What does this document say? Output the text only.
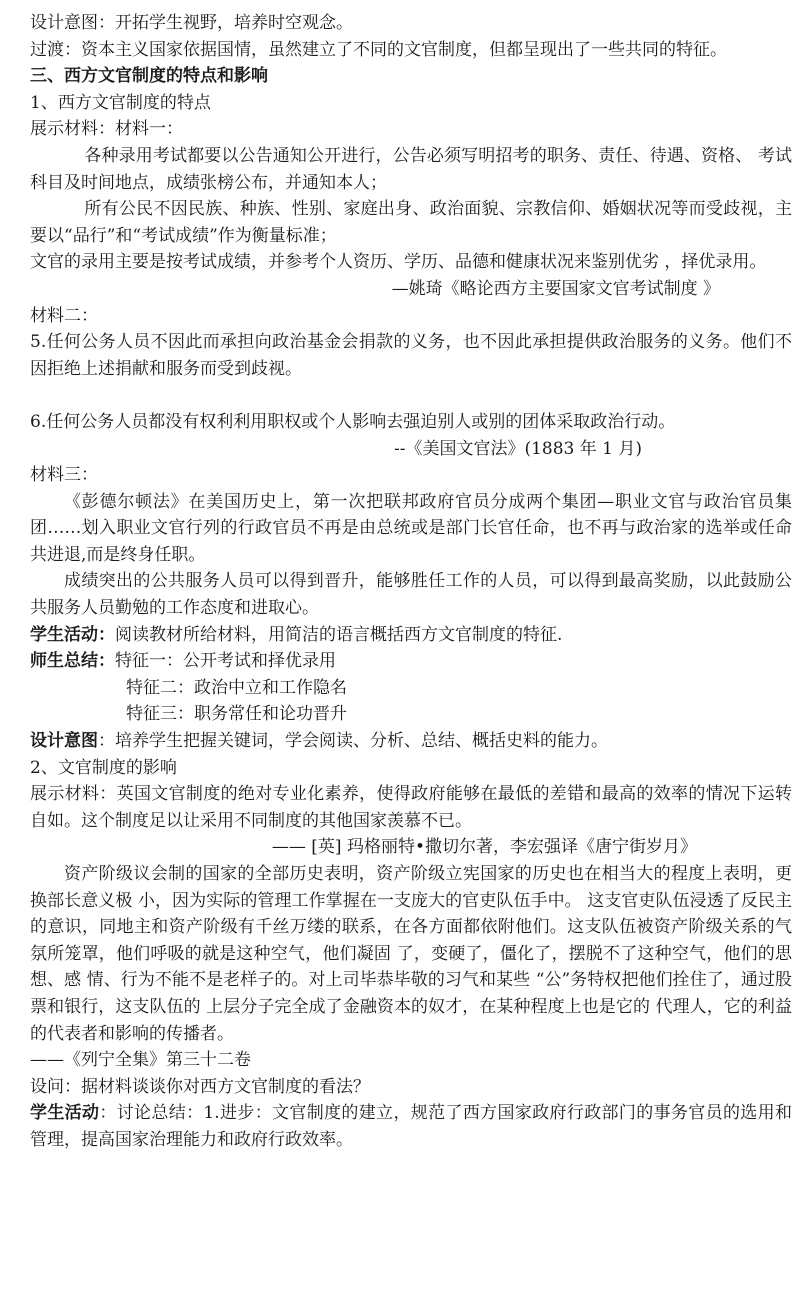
设计意图：开拓学生视野，培养时空观念。

过渡：资本主义国家依据国情，虽然建立了不同的文官制度，但都呈现出了一些共同的特征。

三、西方文官制度的特点和影响

1、西方文官制度的特点

展示材料：材料一：

各种录用考试都要以公告通知公开进行，公告必须写明招考的职务、责任、待遇、资格、 考试科目及时间地点，成绩张榜公布，并通知本人；

所有公民不因民族、种族、性别、家庭出身、政治面貌、宗教信仰、婚姻状况等而受歧视，主要以“品行”和“考试成绩”作为衡量标准；

文官的录用主要是按考试成绩，并参考个人资历、学历、品德和健康状况来鉴别优劣 ，择优录用。

—姚琦《略论西方主要国家文官考试制度 》

材料二：

5.任何公务人员不因此而承担向政治基金会捐款的义务，也不因此承担提供政治服务的义务。他们不因拒绝上述捐献和服务而受到歧视。

6.任何公务人员都没有权利利用职权或个人影响去强迫别人或别的团体采取政治行动。

--《美国文官法》(1883 年 1 月)

材料三：

《彭德尔顿法》在美国历史上，第一次把联邦政府官员分成两个集团—职业文官与政治官员集团……划入职业文官行列的行政官员不再是由总统或是部门长官任命，也不再与政治家的选举或任命共进退,而是终身任职。

成绩突出的公共服务人员可以得到晋升，能够胜任工作的人员，可以得到最高奖励，以此鼓励公共服务人员勤勉的工作态度和进取心。

学生活动：阅读教材所给材料，用简洁的语言概括西方文官制度的特征.

师生总结：特征一：公开考试和择优录用

特征二：政治中立和工作隐名

特征三：职务常任和论功晋升

设计意图：培养学生把握关键词，学会阅读、分析、总结、概括史料的能力。

2、文官制度的影响

展示材料：英国文官制度的绝对专业化素养，使得政府能够在最低的差错和最高的效率的情况下运转自如。这个制度足以让采用不同制度的其他国家羡慕不已。

—— [英] 玛格丽特•撒切尔著，李宏强译《唐宁街岁月》

资产阶级议会制的国家的全部历史表明，资产阶级立宪国家的历史也在相当大的程度上表明，更换部长意义极 小，因为实际的管理工作掌握在一支庞大的官吏队伍手中。 这支官吏队伍浸透了反民主的意识，同地主和资产阶级有千丝万缕的联系，在各方面都依附他们。这支队伍被资产阶级关系的气氛所笼罩，他们呼吸的就是这种空气，他们凝固 了，变硬了，僵化了，摆脱不了这种空气，他们的思想、感 情、行为不能不是老样子的。对上司毕恭毕敬的习气和某些 “公”务特权把他们拴住了，通过股票和银行，这支队伍的 上层分子完全成了金融资本的奴才，在某种程度上也是它的 代理人，它的利益的代表者和影响的传播者。

——《列宁全集》第三十二卷

设问：据材料谈谈你对西方文官制度的看法？

学生活动：讨论总结：1.进步：文官制度的建立，规范了西方国家政府行政部门的事务官员的选用和管理，提高国家治理能力和政府行政效率。
